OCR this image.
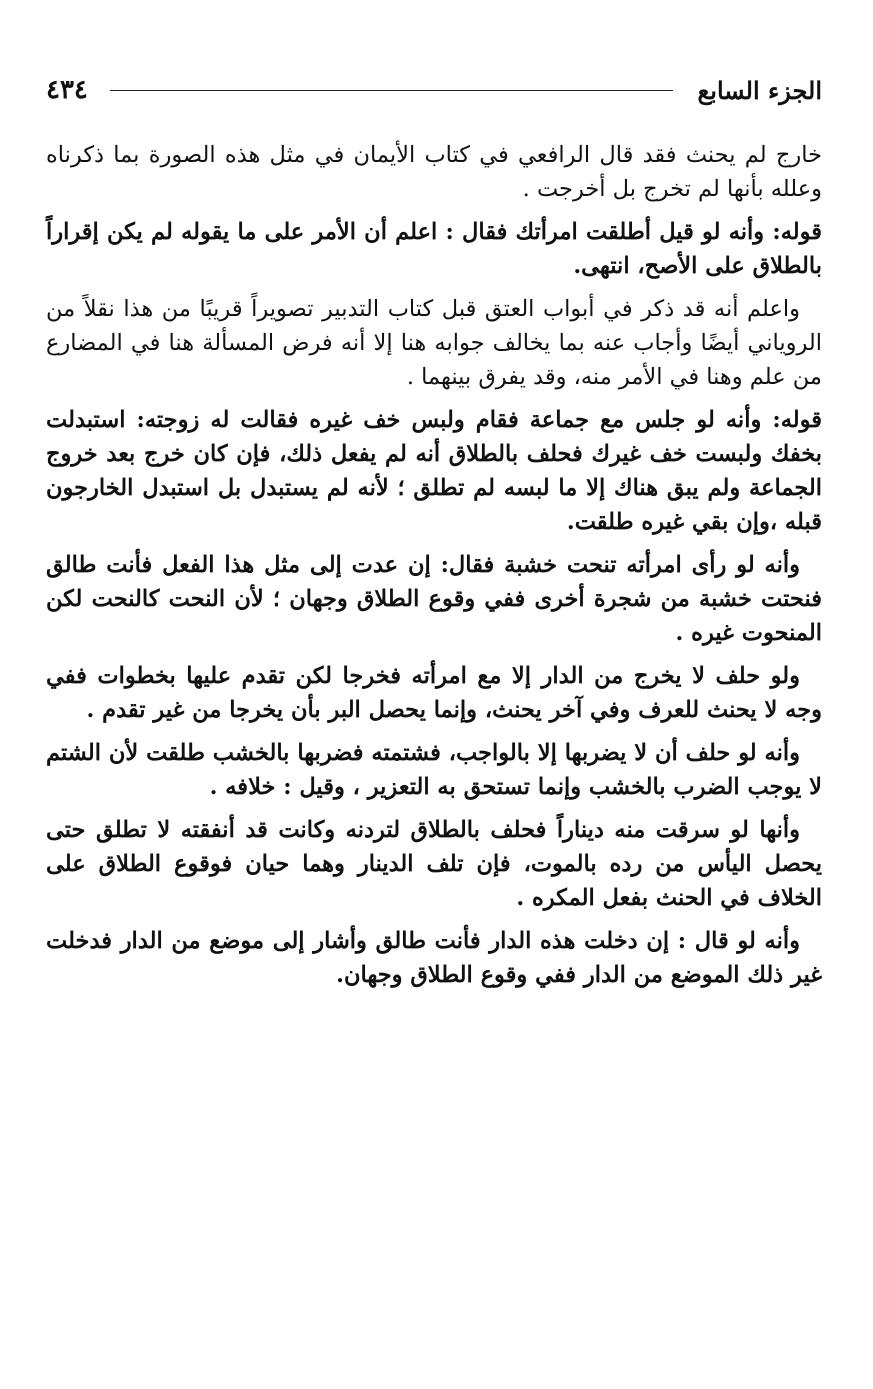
الجزء السابع
٤٣٤

خارج لم يحنث فقد قال الرافعي في كتاب الأيمان في مثل هذه الصورة بما ذكرناه وعلله بأنها لم تخرج بل أخرجت .

قوله: وأنه لو قيل أطلقت امرأتك فقال : اعلم أن الأمر على ما يقوله لم يكن إقراراً بالطلاق على الأصح، انتهى.

واعلم أنه قد ذكر في أبواب العتق قبل كتاب التدبير تصويراً قريبًا من هذا نقلاً من الروياني أيضًا وأجاب عنه بما يخالف جوابه هنا إلا أنه فرض المسألة هنا في المضارع من علم وهنا في الأمر منه، وقد يفرق بينهما .

قوله: وأنه لو جلس مع جماعة فقام ولبس خف غيره فقالت له زوجته: استبدلت بخفك ولبست خف غيرك فحلف بالطلاق أنه لم يفعل ذلك، فإن كان خرج بعد خروج الجماعة ولم يبق هناك إلا ما لبسه لم تطلق ؛ لأنه لم يستبدل بل استبدل الخارجون قبله ،وإن بقي غيره طلقت.

وأنه لو رأى امرأته تنحت خشبة فقال: إن عدت إلى مثل هذا الفعل فأنت طالق فنحتت خشبة من شجرة أخرى ففي وقوع الطلاق وجهان ؛ لأن النحت كالنحت لكن المنحوت غيره .

ولو حلف لا يخرج من الدار إلا مع امرأته فخرجا لكن تقدم عليها بخطوات ففي وجه لا يحنث للعرف وفي آخر يحنث، وإنما يحصل البر بأن يخرجا من غير تقدم .

وأنه لو حلف أن لا يضربها إلا بالواجب، فشتمته فضربها بالخشب طلقت لأن الشتم لا يوجب الضرب بالخشب وإنما تستحق به التعزير ، وقيل : خلافه .

وأنها لو سرقت منه ديناراً فحلف بالطلاق لتردنه وكانت قد أنفقته لا تطلق حتى يحصل اليأس من رده بالموت، فإن تلف الدينار وهما حيان فوقوع الطلاق على الخلاف في الحنث بفعل المكره .

وأنه لو قال : إن دخلت هذه الدار فأنت طالق وأشار إلى موضع من الدار فدخلت غير ذلك الموضع من الدار ففي وقوع الطلاق وجهان.
